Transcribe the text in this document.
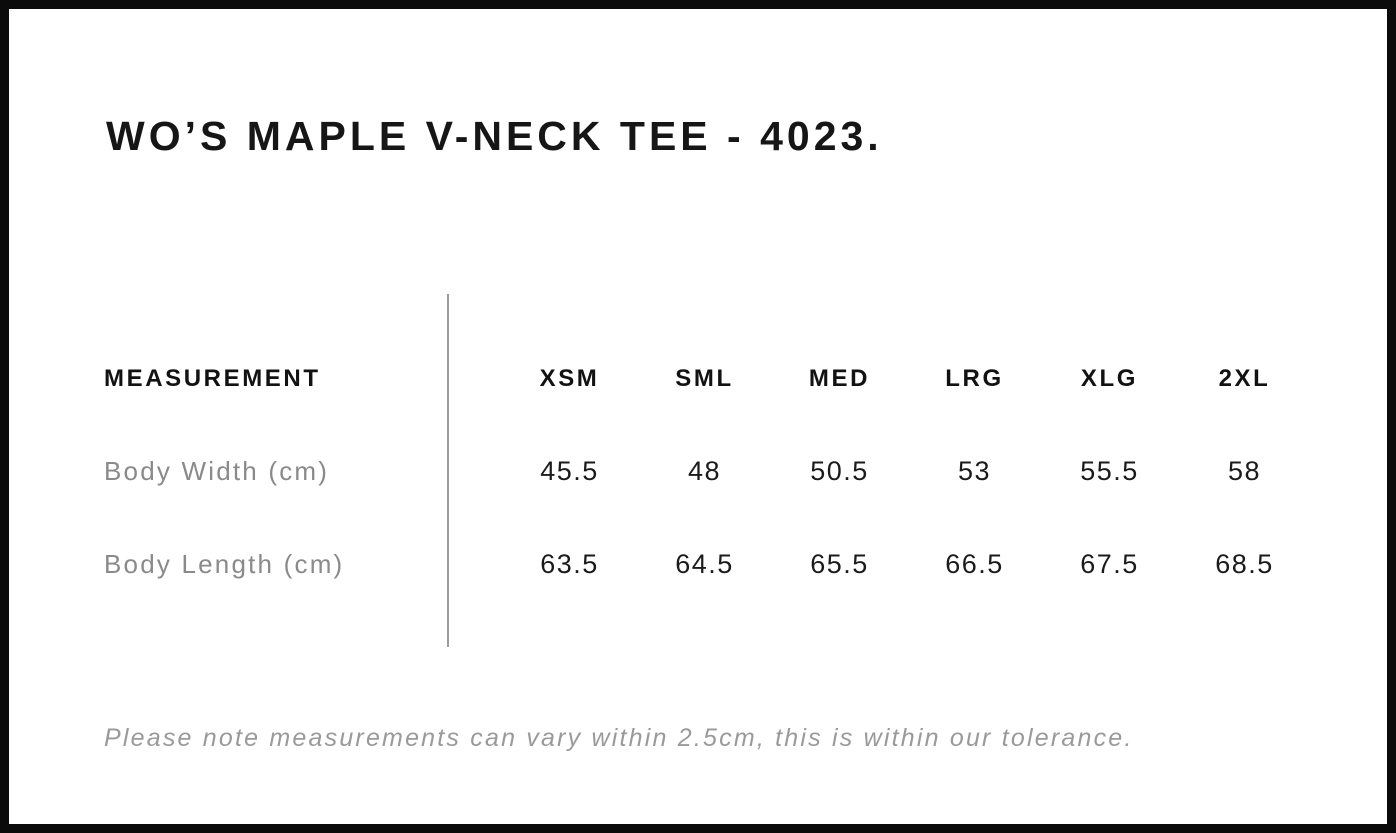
WO’S MAPLE V-NECK TEE - 4023.
MEASUREMENT	XSM	SML	MED	LRG	XLG	2XL
Body Width (cm)	45.5	48	50.5	53	55.5	58
Body Length (cm)	63.5	64.5	65.5	66.5	67.5	68.5

Please note measurements can vary within 2.5cm, this is within our tolerance.
